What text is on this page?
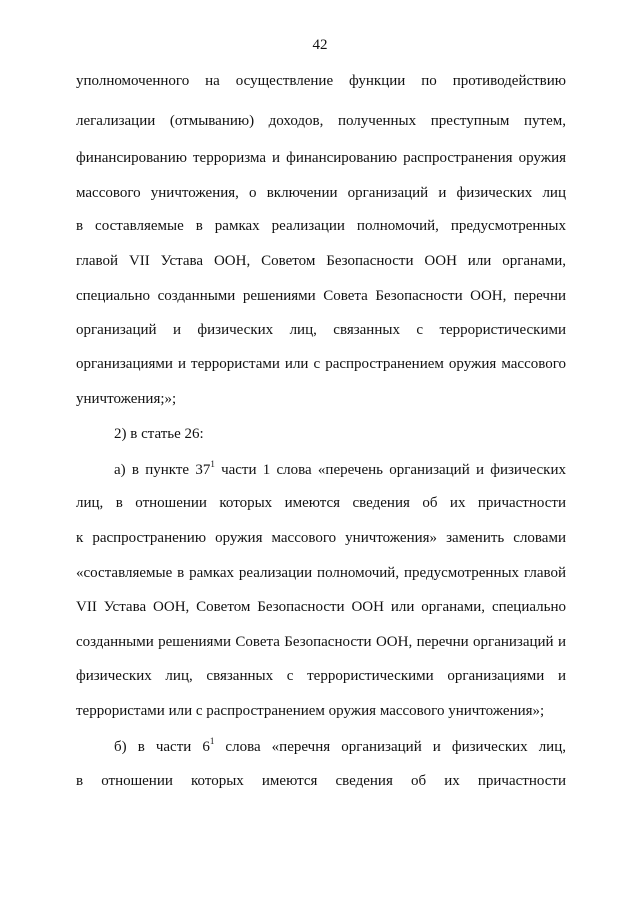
42
уполномоченного на осуществление функции по противодействию
легализации (отмыванию) доходов, полученных преступным путем,
финансированию терроризма и финансированию распространения оружия
массового уничтожения, о включении организаций и физических лиц
в составляемые в рамках реализации полномочий, предусмотренных
главой VII Устава ООН, Советом Безопасности ООН или органами,
специально созданными решениями Совета Безопасности ООН, перечни
организаций и физических лиц, связанных с террористическими
организациями и террористами или с распространением оружия массового
уничтожения;»;
2) в статье 26:
а) в пункте $37^1$ части 1 слова «перечень организаций и физических
лиц, в отношении которых имеются сведения об их причастности
к распространению оружия массового уничтожения» заменить словами
«составляемые в рамках реализации полномочий, предусмотренных главой
VII Устава ООН, Советом Безопасности ООН или органами, специально
созданными решениями Совета Безопасности ООН, перечни организаций и
физических лиц, связанных с террористическими организациями и
террористами или с распространением оружия массового уничтожения»;
б) в части $6^1$ слова «перечня организаций и физических лиц,
в отношении которых имеются сведения об их причастности
